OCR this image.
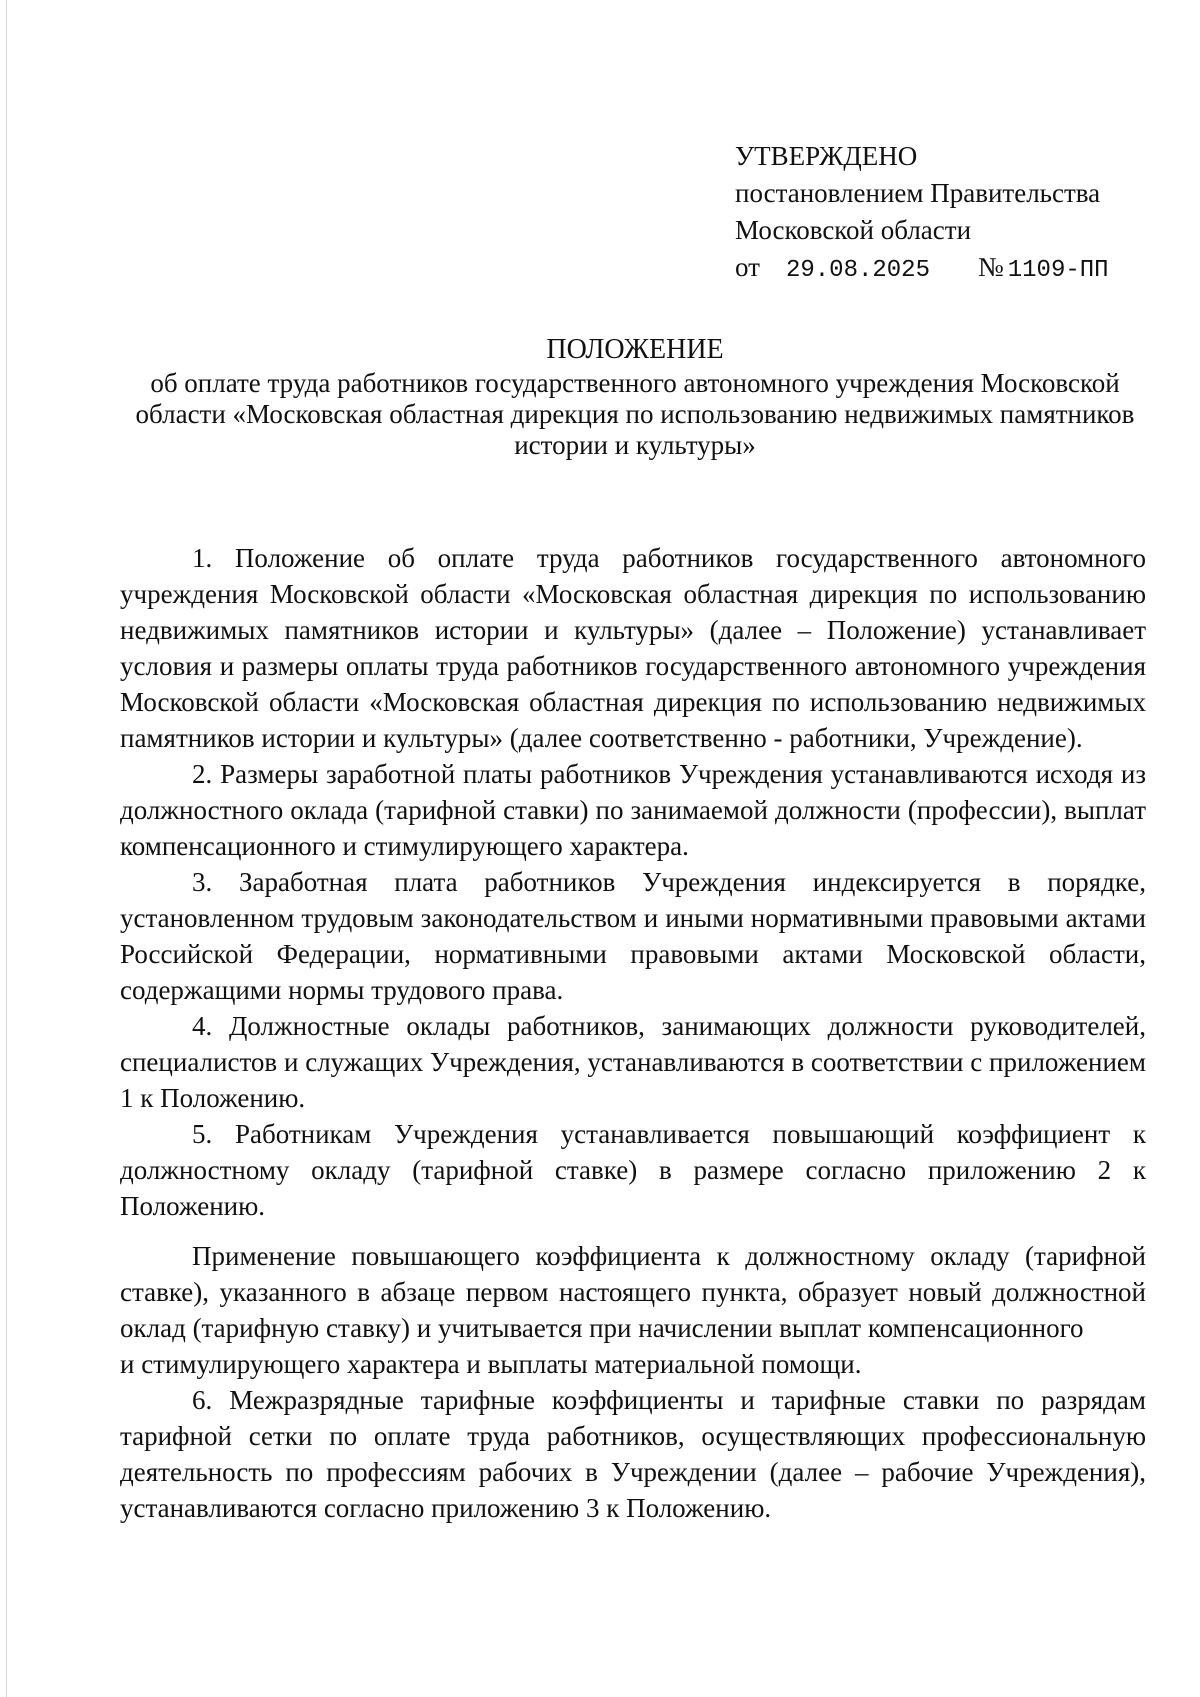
УТВЕРЖДЕНО
постановлением Правительства
Московской области
от 29.08.2025 № 1109-ПП
ПОЛОЖЕНИЕ
об оплате труда работников государственного автономного учреждения Московской области «Московская областная дирекция по использованию недвижимых памятников истории и культуры»

1. Положение об оплате труда работников государственного автономного учреждения Московской области «Московская областная дирекция по использованию недвижимых памятников истории и культуры» (далее – Положение) устанавливает условия и размеры оплаты труда работников государственного автономного учреждения Московской области «Московская областная дирекция по использованию недвижимых памятников истории и культуры» (далее соответственно - работники, Учреждение).

2. Размеры заработной платы работников Учреждения устанавливаются исходя из должностного оклада (тарифной ставки) по занимаемой должности (профессии), выплат компенсационного и стимулирующего характера.

3. Заработная плата работников Учреждения индексируется в порядке, установленном трудовым законодательством и иными нормативными правовыми актами Российской Федерации, нормативными правовыми актами Московской области, содержащими нормы трудового права.

4. Должностные оклады работников, занимающих должности руководителей, специалистов и служащих Учреждения, устанавливаются в соответствии с приложением 1 к Положению.

5. Работникам Учреждения устанавливается повышающий коэффициент к должностному окладу (тарифной ставке) в размере согласно приложению 2 к Положению.

Применение повышающего коэффициента к должностному окладу (тарифной ставке), указанного в абзаце первом настоящего пункта, образует новый должностной оклад (тарифную ставку) и учитывается при начислении выплат компенсационного

и стимулирующего характера и выплаты материальной помощи.

6. Межразрядные тарифные коэффициенты и тарифные ставки по разрядам тарифной сетки по оплате труда работников, осуществляющих профессиональную деятельность по профессиям рабочих в Учреждении (далее – рабочие Учреждения), устанавливаются согласно приложению 3 к Положению.
